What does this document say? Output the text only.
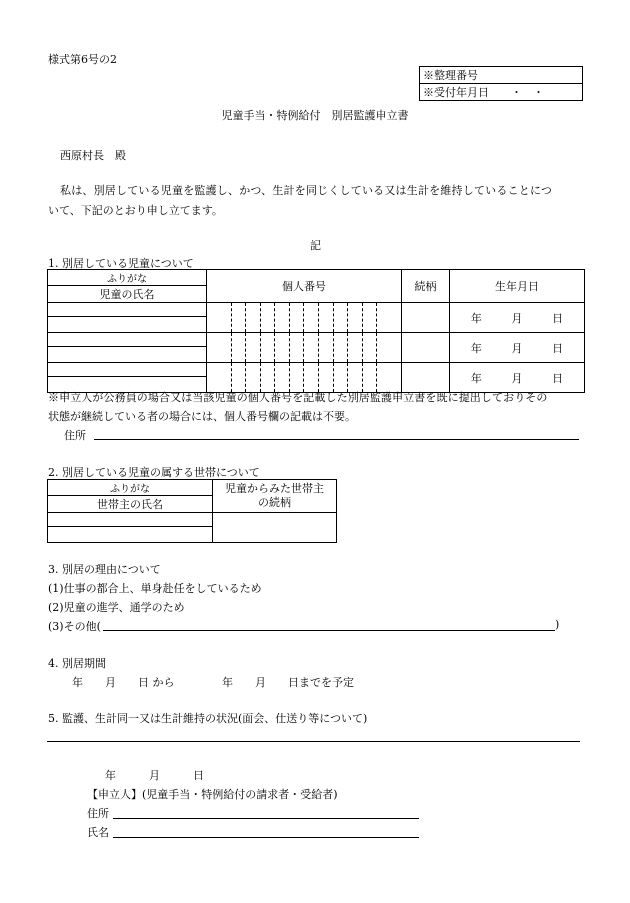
様式第6号の2
※整理番号
※受付年月日　　・　・
児童手当・特例給付　別居監護申立書
西原村長　殿
私は、別居している児童を監護し、かつ、生計を同じくしている又は生計を維持していることにつ
いて、下記のとおり申し立てます。
記
1. 別居している児童について
ふりがな	個人番号	続柄	生年月日
児童の氏名			

			年 月 日

			年 月 日

			年 月 日

※申立人が公務員の場合又は当該児童の個人番号を記載した別居監護申立書を既に提出しておりその
状態が継続している者の場合には、個人番号欄の記載は不要。
住所
2. 別居している児童の属する世帯について
ふりがな	児童からみた世帯主
の続柄

世帯主の氏名	

3. 別居の理由について
(1)仕事の都合上、単身赴任をしているため
(2)児童の進学、通学のため
(3)その他(	)
4. 別居期間
年　　月　　日 から　　　　 年　　月　　日までを予定
5. 監護、生計同一又は生計維持の状況(面会、仕送り等について)
年　　　月　　　日
【申立人】(児童手当・特例給付の請求者・受給者)
住所
氏名
